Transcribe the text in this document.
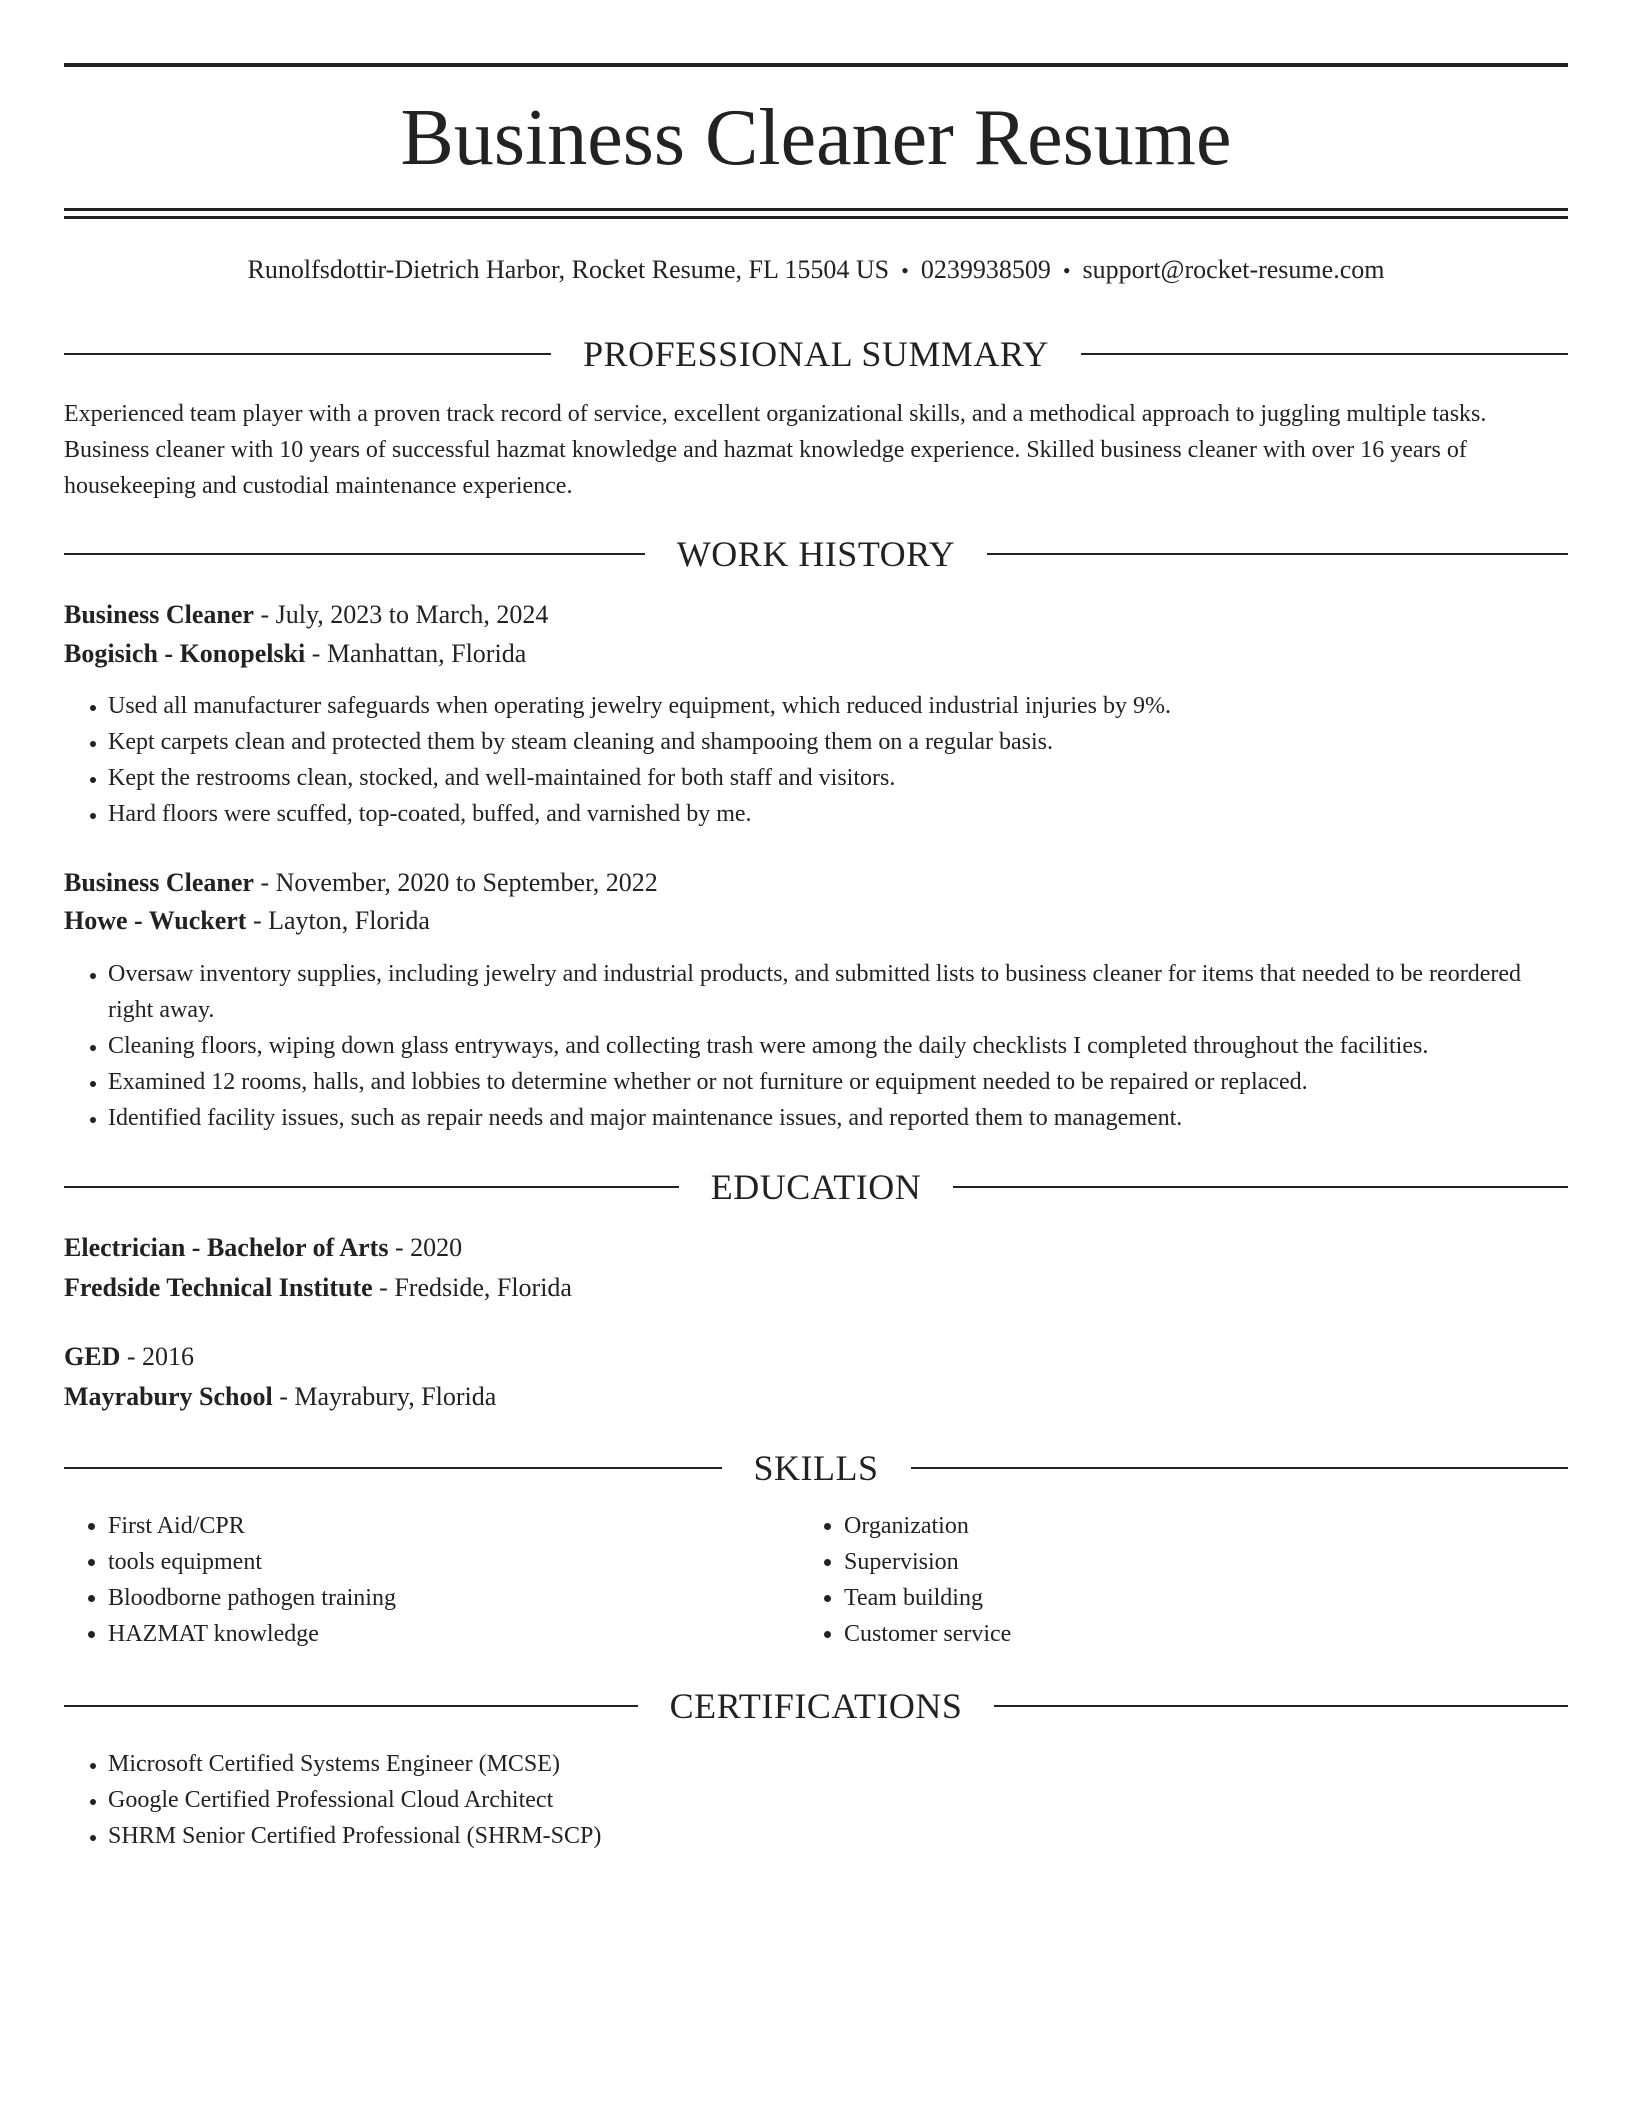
Business Cleaner Resume
Runolfsdottir-Dietrich Harbor, Rocket Resume, FL 15504 US • 0239938509 • support@rocket-resume.com
PROFESSIONAL SUMMARY

Experienced team player with a proven track record of service, excellent organizational skills, and a methodical approach to juggling multiple tasks. Business cleaner with 10 years of successful hazmat knowledge and hazmat knowledge experience. Skilled business cleaner with over 16 years of housekeeping and custodial maintenance experience.

WORK HISTORY
Business Cleaner - July, 2023 to March, 2024
Bogisich - Konopelski - Manhattan, Florida
• Used all manufacturer safeguards when operating jewelry equipment, which reduced industrial injuries by 9%.
• Kept carpets clean and protected them by steam cleaning and shampooing them on a regular basis.
• Kept the restrooms clean, stocked, and well-maintained for both staff and visitors.
• Hard floors were scuffed, top-coated, buffed, and varnished by me.
Business Cleaner - November, 2020 to September, 2022
Howe - Wuckert - Layton, Florida
• Oversaw inventory supplies, including jewelry and industrial products, and submitted lists to business cleaner for items that needed to be reordered right away.
• Cleaning floors, wiping down glass entryways, and collecting trash were among the daily checklists I completed throughout the facilities.
• Examined 12 rooms, halls, and lobbies to determine whether or not furniture or equipment needed to be repaired or replaced.
• Identified facility issues, such as repair needs and major maintenance issues, and reported them to management.
EDUCATION
Electrician - Bachelor of Arts - 2020
Fredside Technical Institute - Fredside, Florida
GED - 2016
Mayrabury School - Mayrabury, Florida
SKILLS
• First Aid/CPR
• tools equipment
• Bloodborne pathogen training
• HAZMAT knowledge
• Organization
• Supervision
• Team building
• Customer service
CERTIFICATIONS
• Microsoft Certified Systems Engineer (MCSE)
• Google Certified Professional Cloud Architect
• SHRM Senior Certified Professional (SHRM-SCP)
